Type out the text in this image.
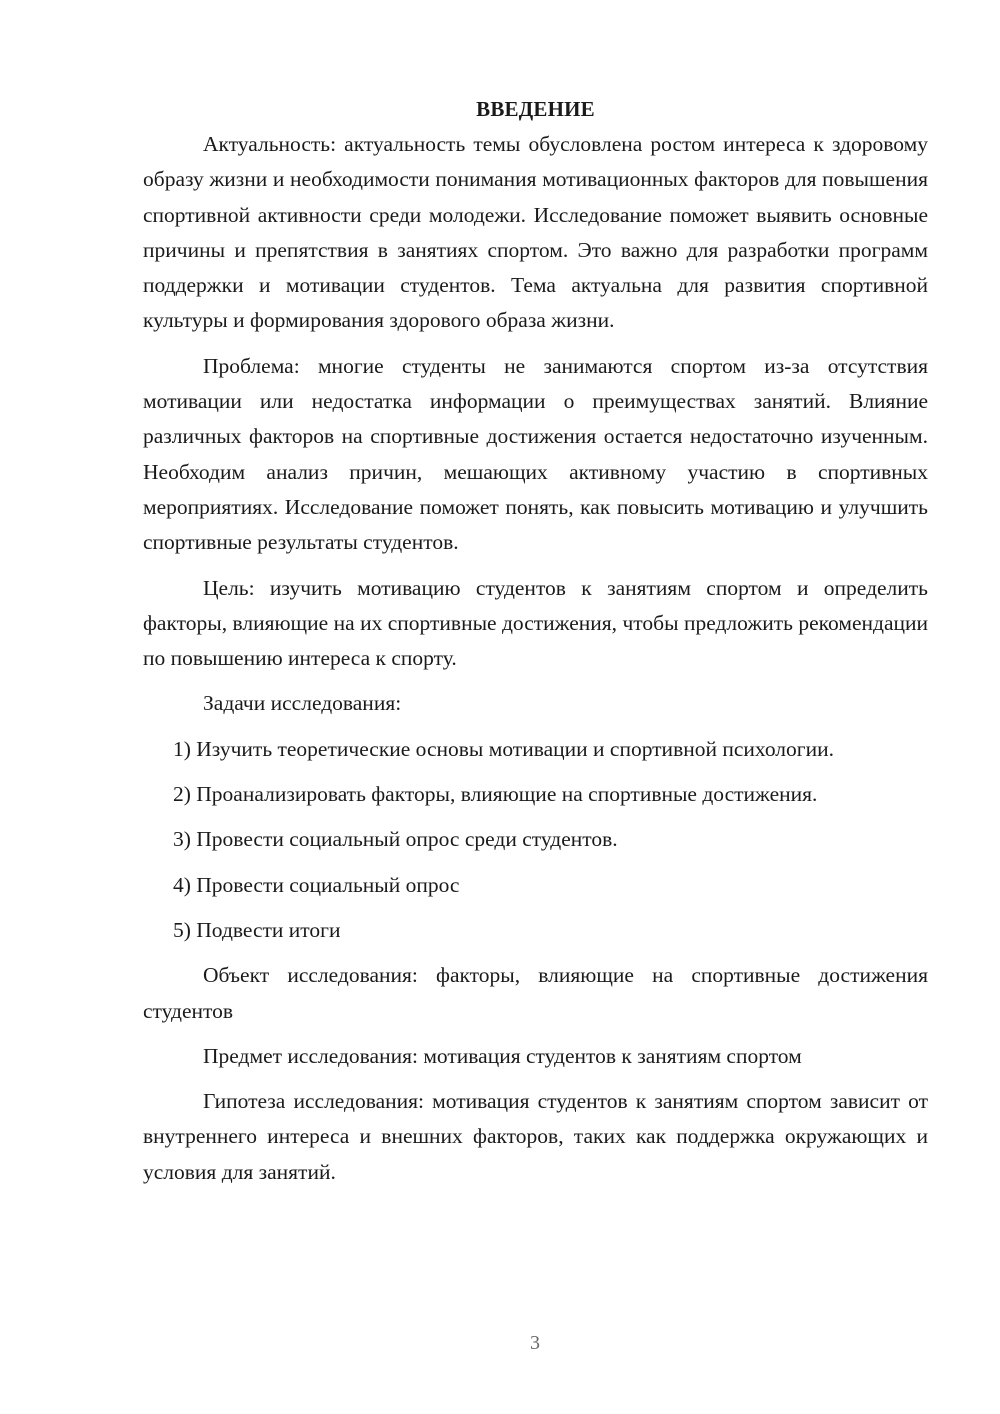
ВВЕДЕНИЕ

Актуальность: актуальность темы обусловлена ростом интереса к здоровому образу жизни и необходимости понимания мотивационных факторов для повышения спортивной активности среди молодежи. Исследование поможет выявить основные причины и препятствия в занятиях спортом. Это важно для разработки программ поддержки и мотивации студентов. Тема актуальна для развития спортивной культуры и формирования здорового образа жизни.

Проблема: многие студенты не занимаются спортом из-за отсутствия мотивации или недостатка информации о преимуществах занятий. Влияние различных факторов на спортивные достижения остается недостаточно изученным. Необходим анализ причин, мешающих активному участию в спортивных мероприятиях. Исследование поможет понять, как повысить мотивацию и улучшить спортивные результаты студентов.

Цель: изучить мотивацию студентов к занятиям спортом и определить факторы, влияющие на их спортивные достижения, чтобы предложить рекомендации по повышению интереса к спорту.

Задачи исследования:

1) Изучить теоретические основы мотивации и спортивной психологии.

2) Проанализировать факторы, влияющие на спортивные достижения.

3) Провести социальный опрос среди студентов.

4) Провести социальный опрос

5) Подвести итоги

Объект исследования: факторы, влияющие на спортивные достижения студентов

Предмет исследования: мотивация студентов к занятиям спортом

Гипотеза исследования: мотивация студентов к занятиям спортом зависит от внутреннего интереса и внешних факторов, таких как поддержка окружающих и условия для занятий.

3
